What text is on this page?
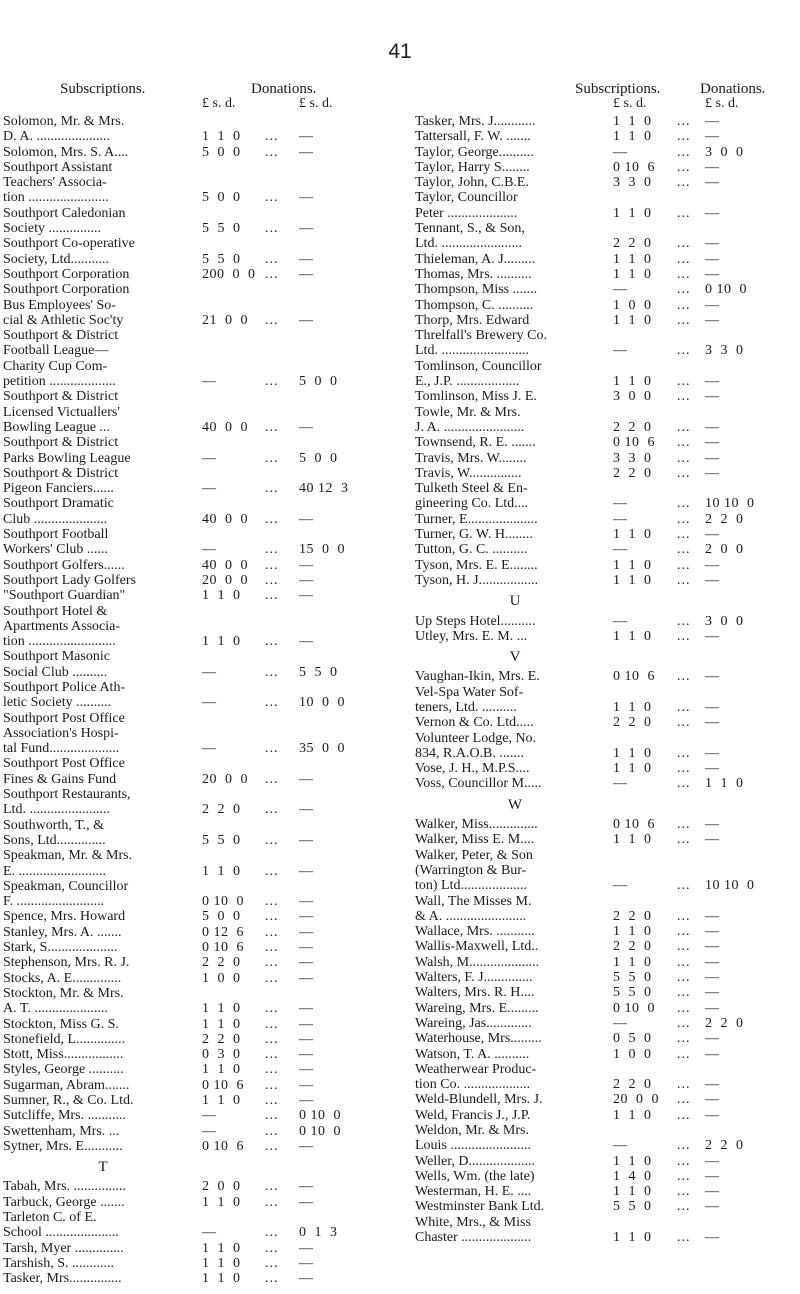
41
Subscriptions.	Donations.
£ s. d.	£ s. d.
Solomon, Mr. & Mrs.
D. A. .....................	1  1  0	... —
Solomon, Mrs. S. A....	5  0  0	... —
Southport Assistant
Teachers' Associa-
tion .......................	5  0  0	... —
Southport Caledonian
Society ...............	5  5  0	... —
Southport Co-operative
Society, Ltd...........	5  5  0	... —
Southport Corporation	200  0  0 ... —
Southport Corporation
Bus Employees' So-
cial & Athletic Soc'ty	21  0  0	... —
Southport & District
Football League—
Charity Cup Com-
petition ...................	—	... 5  0  0
Southport & District
Licensed Victuallers'
Bowling League ...	40  0  0	... —
Southport & District
Parks Bowling League	—	... 5  0  0
Southport & District
Pigeon Fanciers......	—	... 40 12  3
Southport Dramatic
Club .....................	40  0  0	... —
Southport Football
Workers' Club ......	—	... 15  0  0
Southport Golfers......	40  0  0	... —
Southport Lady Golfers	20  0  0	... —
"Southport Guardian"	1  1  0	... —
Southport Hotel &
Apartments Associa-
tion .........................	1  1  0	... —
Southport Masonic
Social Club ..........	—	... 5  5  0
Southport Police Ath-
letic Society ..........	—	... 10  0  0
Southport Post Office
Association's Hospi-
tal Fund....................	—	... 35  0  0
Southport Post Office
Fines & Gains Fund	20  0  0	... —
Southport Restaurants,
Ltd. .......................	2  2  0	... —
Southworth, T., &
Sons, Ltd..............	5  5  0	... —
Speakman, Mr. & Mrs.
E. .........................	1  1  0	... —
Speakman, Councillor
F. .........................	0 10  0	... —
Spence, Mrs. Howard	5  0  0	... —
Stanley, Mrs. A. .......	0 12  6	... —
Stark, S....................	0 10  6	... —
Stephenson, Mrs. R. J.	2  2  0	... —
Stocks, A. E..............	1  0  0	... —
Stockton, Mr. & Mrs.
A. T. .....................	1  1  0	... —
Stockton, Miss G. S.	1  1  0	... —
Stonefield, L..............	2  2  0	... —
Stott, Miss.................	0  3  0	... —
Styles, George ..........	1  1  0	... —
Sugarman, Abram.......	0 10  6	... —
Sumner, R., & Co. Ltd.	1  1  0	... —
Sutcliffe, Mrs. ...........	—	... 0 10  0
Swettenham, Mrs. ...	—	... 0 10  0
Sytner, Mrs. E...........	0 10  6	... —
T
Tabah, Mrs. ...............	2  0  0	... —
Tarbuck, George .......	1  1  0	... —
Tarleton C. of E.
School .....................	—	... 0  1  3
Tarsh, Myer ..............	1  1  0	... —
Tarshish, S. ............	1  1  0	... —
Tasker, Mrs...............	1  1  0	... —
Subscriptions.	Donations.
£ s. d.	£ s. d.
Tasker, Mrs. J............	1  1  0	... —
Tattersall, F. W. .......	1  1  0	... —
Taylor, George..........	—	... 3  0  0
Taylor, Harry S........	0 10  6	... —
Taylor, John, C.B.E.	3  3  0	... —
Taylor, Councillor
Peter ....................	1  1  0	... —
Tennant, S., & Son,
Ltd. .......................	2  2  0	... —
Thieleman, A. J.........	1  1  0	... —
Thomas, Mrs. ..........	1  1  0	... —
Thompson, Miss .......	—	... 0 10  0
Thompson, C. ..........	1  0  0	... —
Thorp, Mrs. Edward	1  1  0	... —
Threlfall's Brewery Co.
Ltd. .........................	—	... 3  3  0
Tomlinson, Councillor
E., J.P. ..................	1  1  0	... —
Tomlinson, Miss J. E.	3  0  0	... —
Towle, Mr. & Mrs.
J. A. .......................	2  2  0	... —
Townsend, R. E. .......	0 10  6	... —
Travis, Mrs. W........	3  3  0	... —
Travis, W...............	2  2  0	... —
Tulketh Steel & En-
gineering Co. Ltd....	—	... 10 10  0
Turner, E....................	—	... 2  2  0
Turner, G. W. H........	1  1  0	... —
Tutton, G. C. ..........	—	... 2  0  0
Tyson, Mrs. E. E........	1  1  0	... —
Tyson, H. J.................	1  1  0	... —
U
Up Steps Hotel..........	—	... 3  0  0
Utley, Mrs. E. M. ...	1  1  0	... —
V
Vaughan-Ikin, Mrs. E.	0 10  6	... —
Vel-Spa Water Sof-
teners, Ltd. ..........	1  1  0	... —
Vernon & Co. Ltd.....	2  2  0	... —
Volunteer Lodge, No.
834, R.A.O.B. .......	1  1  0	... —
Vose, J. H., M.P.S....	1  1  0	... —
Voss, Councillor M.....	—	... 1  1  0
W
Walker, Miss..............	0 10  6	... —
Walker, Miss E. M....	1  1  0	... —
Walker, Peter, & Son
(Warrington & Bur-
ton) Ltd...................	—	... 10 10  0
Wall, The Misses M.
& A. .......................	2  2  0	... —
Wallace, Mrs. ...........	1  1  0	... —
Wallis-Maxwell, Ltd..	2  2  0	... —
Walsh, M....................	1  1  0	... —
Walters, F. J..............	5  5  0	... —
Walters, Mrs. R. H....	5  5  0	... —
Wareing, Mrs. E.........	0 10  0	... —
Wareing, Jas.............	—	... 2  2  0
Waterhouse, Mrs.........	0  5  0	... —
Watson, T. A. ..........	1  0  0	... —
Weatherwear Produc-
tion Co. ...................	2  2  0	... —
Weld-Blundell, Mrs. J.	20  0  0	... —
Weld, Francis J., J.P.	1  1  0	... —
Weldon, Mr. & Mrs.
Louis .......................	—	... 2  2  0
Weller, D...................	1  1  0	... —
Wells, Wm. (the late)	1  4  0	... —
Westerman, H. E. ....	1  1  0	... —
Westminster Bank Ltd.	5  5  0	... —
White, Mrs., & Miss
Chaster ....................	1  1  0	... —
